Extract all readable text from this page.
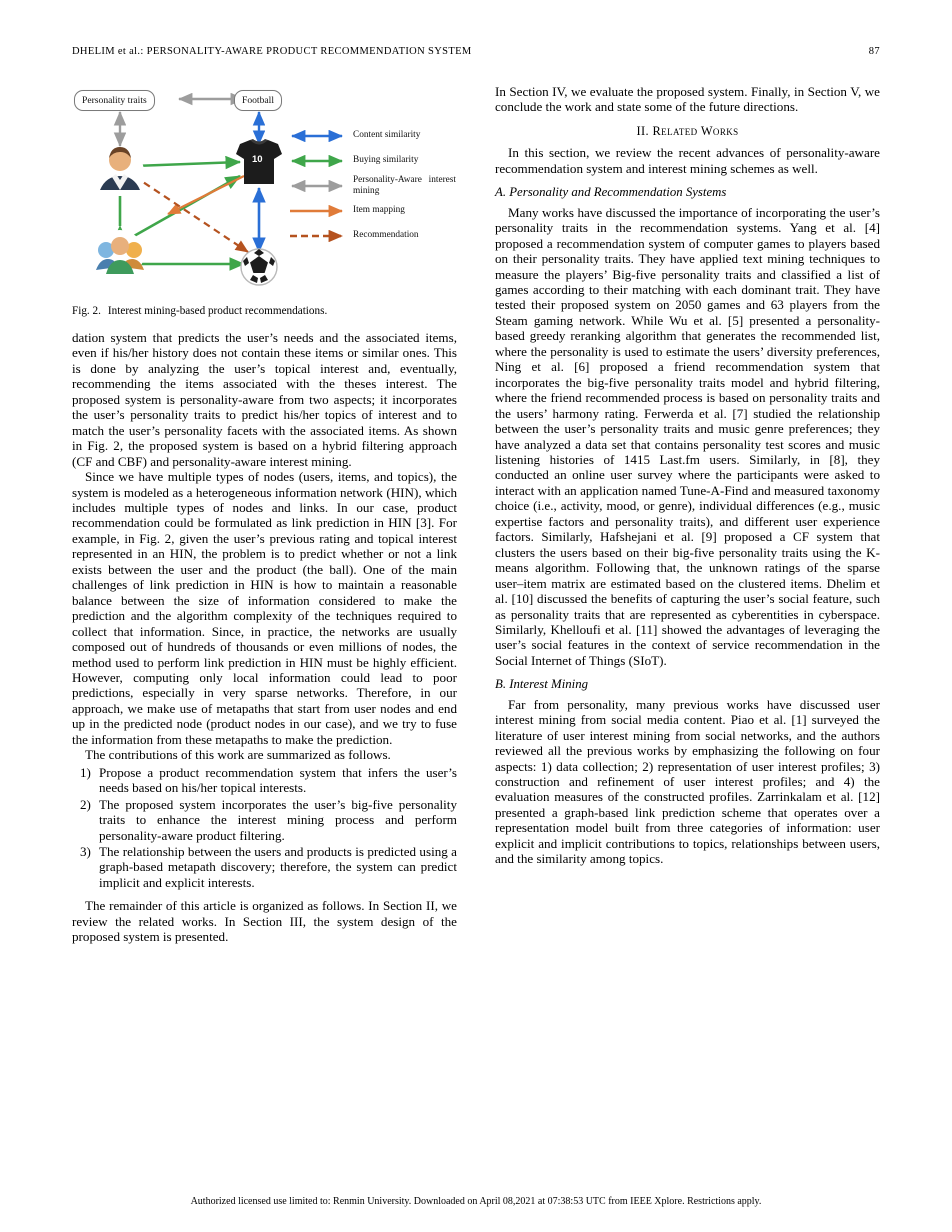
DHELIM et al.: PERSONALITY-AWARE PRODUCT RECOMMENDATION SYSTEM	87
Personality traits	Football
10
Content similarity
Buying similarity
Personality-Aware interest mining
Item mapping
Recommendation
Fig. 2. Interest mining-based product recommendations.

dation system that predicts the user’s needs and the associated items, even if his/her history does not contain these items or similar ones. This is done by analyzing the user’s topical interest and, eventually, recommending the items associated with the theses interest. The proposed system is personality-aware from two aspects; it incorporates the user’s personality traits to predict his/her topics of interest and to match the user’s personality facets with the associated items. As shown in Fig. 2, the proposed system is based on a hybrid filtering approach (CF and CBF) and personality-aware interest mining.

Since we have multiple types of nodes (users, items, and topics), the system is modeled as a heterogeneous information network (HIN), which includes multiple types of nodes and links. In our case, product recommendation could be formulated as link prediction in HIN [3]. For example, in Fig. 2, given the user’s previous rating and topical interest represented in an HIN, the problem is to predict whether or not a link exists between the user and the product (the ball). One of the main challenges of link prediction in HIN is how to maintain a reasonable balance between the size of information considered to make the prediction and the algorithm complexity of the techniques required to collect that information. Since, in practice, the networks are usually composed out of hundreds of thousands or even millions of nodes, the method used to perform link prediction in HIN must be highly efficient. However, computing only local information could lead to poor predictions, especially in very sparse networks. Therefore, in our approach, we make use of metapaths that start from user nodes and end up in the predicted node (product nodes in our case), and we try to fuse the information from these metapaths to make the prediction.

The contributions of this work are summarized as follows.

1) Propose a product recommendation system that infers the user’s needs based on his/her topical interests.
2) The proposed system incorporates the user’s big-five personality traits to enhance the interest mining process and perform personality-aware product filtering.
3) The relationship between the users and products is predicted using a graph-based metapath discovery; therefore, the system can predict implicit and explicit interests.

The remainder of this article is organized as follows. In Section II, we review the related works. In Section III, the system design of the proposed system is presented.

In Section IV, we evaluate the proposed system. Finally, in Section V, we conclude the work and state some of the future directions.

II. Related Works

In this section, we review the recent advances of personality-aware recommendation system and interest mining schemes as well.

A. Personality and Recommendation Systems

Many works have discussed the importance of incorporating the user’s personality traits in the recommendation systems. Yang et al. [4] proposed a recommendation system of computer games to players based on their personality traits. They have applied text mining techniques to measure the players’ Big-five personality traits and classified a list of games according to their matching with each dominant trait. They have tested their proposed system on 2050 games and 63 players from the Steam gaming network. While Wu et al. [5] presented a personality-based greedy reranking algorithm that generates the recommended list, where the personality is used to estimate the users’ diversity preferences, Ning et al. [6] proposed a friend recommendation system that incorporates the big-five personality traits model and hybrid filtering, where the friend recommended process is based on personality traits and the users’ harmony rating. Ferwerda et al. [7] studied the relationship between the user’s personality traits and music genre preferences; they have analyzed a data set that contains personality test scores and music listening histories of 1415 Last.fm users. Similarly, in [8], they conducted an online user survey where the participants were asked to interact with an application named Tune-A-Find and measured taxonomy choice (i.e., activity, mood, or genre), individual differences (e.g., music expertise factors and personality traits), and different user experience factors. Similarly, Hafshejani et al. [9] proposed a CF system that clusters the users based on their big-five personality traits using the K-means algorithm. Following that, the unknown ratings of the sparse user–item matrix are estimated based on the clustered items. Dhelim et al. [10] discussed the benefits of capturing the user’s social feature, such as personality traits that are represented as cyberentities in cyberspace. Similarly, Khelloufi et al. [11] showed the advantages of leveraging the user’s social features in the context of service recommendation in the Social Internet of Things (SIoT).

B. Interest Mining

Far from personality, many previous works have discussed user interest mining from social media content. Piao et al. [1] surveyed the literature of user interest mining from social networks, and the authors reviewed all the previous works by emphasizing the following on four aspects: 1) data collection; 2) representation of user interest profiles; 3) construction and refinement of user interest profiles; and 4) the evaluation measures of the constructed profiles. Zarrinkalam et al. [12] presented a graph-based link prediction scheme that operates over a representation model built from three categories of information: user explicit and implicit contributions to topics, relationships between users, and the similarity among topics.

Authorized licensed use limited to: Renmin University. Downloaded on April 08,2021 at 07:38:53 UTC from IEEE Xplore. Restrictions apply.
